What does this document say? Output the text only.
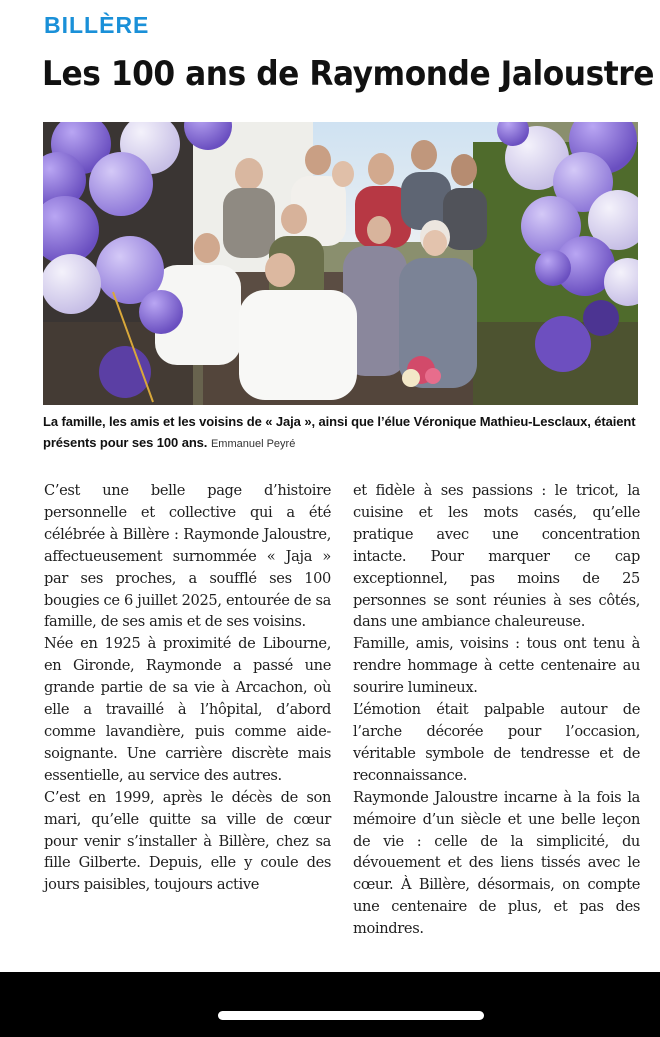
BILLÈRE
Les 100 ans de Raymonde Jaloustre
La famille, les amis et les voisins de « Jaja », ainsi que l’élue Véronique Mathieu-Lesclaux, étaient présents pour ses 100 ans. Emmanuel Peyré

C’est une belle page d’histoire personnelle et collective qui a été célébrée à Billère : Raymonde Jaloustre, affectueusement surnommée « Jaja » par ses proches, a soufflé ses 100 bougies ce 6 juillet 2025, entourée de sa famille, de ses amis et de ses voisins.

Née en 1925 à proximité de Libourne, en Gironde, Raymonde a passé une grande partie de sa vie à Arcachon, où elle a travaillé à l’hôpital, d’abord comme lavandière, puis comme aide-soignante. Une carrière discrète mais essentielle, au service des autres.

C’est en 1999, après le décès de son mari, qu’elle quitte sa ville de cœur pour venir s’installer à Billère, chez sa fille Gilberte. Depuis, elle y coule des jours paisibles, toujours active

et fidèle à ses passions : le tricot, la cuisine et les mots casés, qu’elle pratique avec une concentration intacte. Pour marquer ce cap exceptionnel, pas moins de 25 personnes se sont réunies à ses côtés, dans une ambiance chaleureuse.

Famille, amis, voisins : tous ont tenu à rendre hommage à cette centenaire au sourire lumineux.

L’émotion était palpable autour de l’arche décorée pour l’occasion, véritable symbole de tendresse et de reconnaissance.

Raymonde Jaloustre incarne à la fois la mémoire d’un siècle et une belle leçon de vie : celle de la simplicité, du dévouement et des liens tissés avec le cœur. À Billère, désormais, on compte une centenaire de plus, et pas des moindres.
